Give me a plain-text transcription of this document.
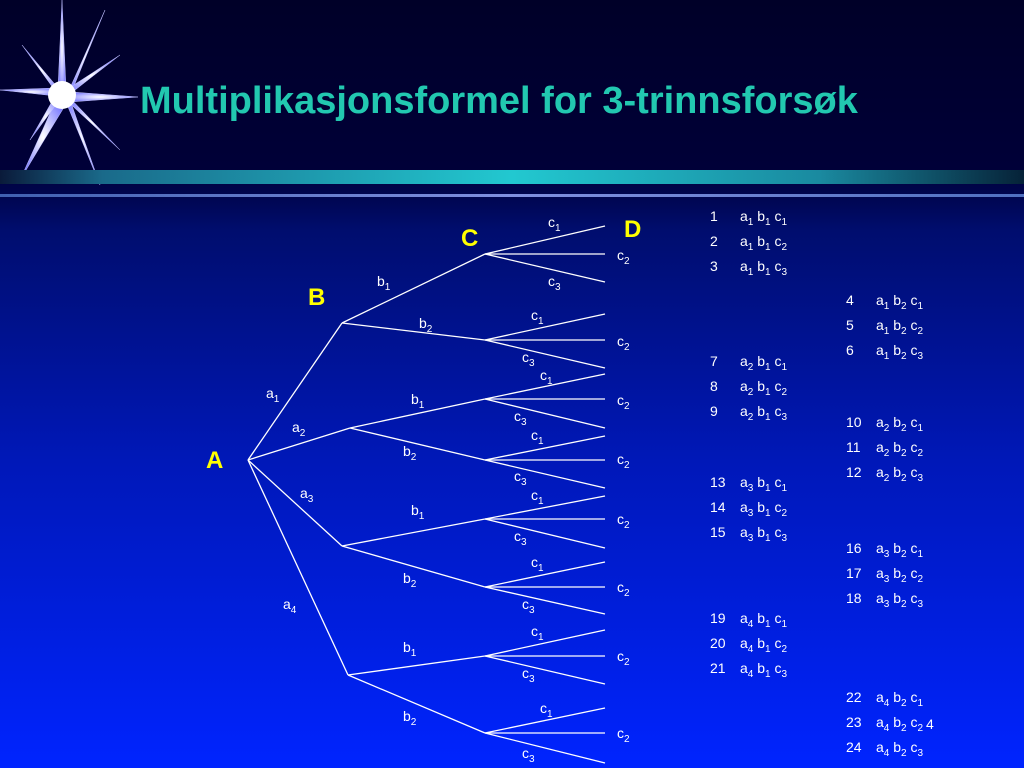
Multiplikasjonsformel for 3-trinnsforsøk
$a_1$
$a_2$
$a_3$
$a_4$
$b_1$
$c_1$
$c_2$
$c_3$
$b_2$
$c_1$
$c_2$
$c_3$
$b_1$
$c_1$
$c_2$
$c_3$
$b_2$
$c_1$
$c_2$
$c_3$
$b_1$
$c_1$
$c_2$
$c_3$
$b_2$
$c_1$
$c_2$
$c_3$
$b_1$
$c_1$
$c_2$
$c_3$
$b_2$
$c_1$
$c_2$
$c_3$
A
B
C	D	1 $a_1$ $b_1$ $c_1$
2 $a_1$ $b_1$ $c_2$
3 $a_1$ $b_1$ $c_3$
4 $a_1$ $b_2$ $c_1$
5 $a_1$ $b_2$ $c_2$
6 $a_1$ $b_2$ $c_3$
7 $a_2$ $b_1$ $c_1$
8 $a_2$ $b_1$ $c_2$
9 $a_2$ $b_1$ $c_3$	10 $a_2$ $b_2$ $c_1$
11 $a_2$ $b_2$ $c_2$
12 $a_2$ $b_2$ $c_3$
13 $a_3$ $b_1$ $c_1$
14 $a_3$ $b_1$ $c_2$
15 $a_3$ $b_1$ $c_3$
16 $a_3$ $b_2$ $c_1$
17 $a_3$ $b_2$ $c_2$
18 $a_3$ $b_2$ $c_3$
19 $a_4$ $b_1$ $c_1$
20 $a_4$ $b_1$ $c_2$
21 $a_4$ $b_1$ $c_3$
22 $a_4$ $b_2$ $c_1$
23 $a_4$ $b_2$ $c_2$
24 $a_4$ $b_2$ $c_3$
4
